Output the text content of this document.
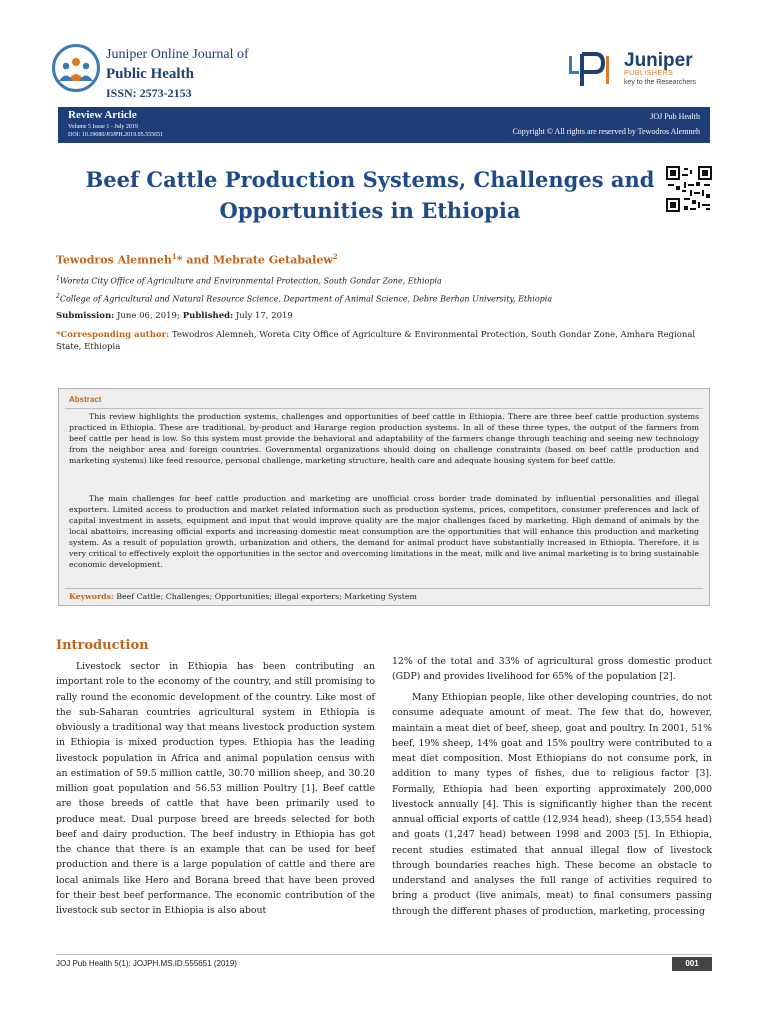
Juniper Online Journal of
Public Health
ISSN: 2573-2153
Juniper
PUBLISHERS
key to the Researchers
Review Article
Volume 5 Issue 1 - July 2019
DOI: 10.19080/JOJPH.2019.05.555651
JOJ Pub Health
Copyright © All rights are reserved by Tewodros Alemneh
Beef Cattle Production Systems, Challenges and Opportunities in Ethiopia
Tewodros Alemneh$^1$* and Mebrate Getabalew$^2$
$^1$Woreta City Office of Agriculture and Environmental Protection, South Gondar Zone, Ethiopia
$^2$College of Agricultural and Natural Resource Science, Department of Animal Science, Debre Berhan University, Ethiopia
Submission: June 06, 2019; Published: July 17, 2019
*Corresponding author: Tewodros Alemneh, Woreta City Office of Agriculture & Environmental Protection, South Gondar Zone, Amhara Regional State, Ethiopia
Abstract

This review highlights the production systems, challenges and opportunities of beef cattle in Ethiopia. There are three beef cattle production systems practiced in Ethiopia. These are traditional, by-product and Hararge region production systems. In all of these three types, the output of the farmers from beef cattle per head is low. So this system must provide the behavioral and adaptability of the farmers change through teaching and seeing new technology from the neighbor area and foreign countries. Governmental organizations should doing on challenge constraints (based on beef cattle production and marketing systems) like feed resource, personal challenge, marketing structure, health care and adequate housing system for beef cattle.

The main challenges for beef cattle production and marketing are unofficial cross border trade dominated by influential personalities and illegal exporters. Limited access to production and market related information such as production systems, prices, competitors, consumer preferences and lack of capital investment in assets, equipment and input that would improve quality are the major challenges faced by marketing. High demand of animals by the local abattoirs, increasing official exports and increasing domestic meat consumption are the opportunities that will enhance this production and marketing system. As a result of population growth, urbanization and others, the demand for animal product have substantially increased in Ethiopia. Therefore, it is very critical to effectively exploit the opportunities in the sector and overcoming limitations in the meat, milk and live animal marketing is to bring sustainable economic development.

Keywords: Beef Cattle; Challenges; Opportunities; illegal exporters; Marketing System
Introduction

Livestock sector in Ethiopia has been contributing an important role to the economy of the country, and still promising to rally round the economic development of the country. Like most of the sub-Saharan countries agricultural system in Ethiopia is obviously a traditional way that means livestock production system in Ethiopia is mixed production types. Ethiopia has the leading livestock population in Africa and animal population census with an estimation of 59.5 million cattle, 30.70 million sheep, and 30.20 million goat population and 56.53 million Poultry [1]. Beef cattle are those breeds of cattle that have been primarily used to produce meat. Dual purpose breed are breeds selected for both beef and dairy production. The beef industry in Ethiopia has got the chance that there is an example that can be used for beef production and there is a large population of cattle and there are local animals like Hero and Borana breed that have been proved for their best beef performance. The economic contribution of the livestock sub sector in Ethiopia is also about

12% of the total and 33% of agricultural gross domestic product (GDP) and provides livelihood for 65% of the population [2].

Many Ethiopian people, like other developing countries, do not consume adequate amount of meat. The few that do, however, maintain a meat diet of beef, sheep, goat and poultry. In 2001, 51% beef, 19% sheep, 14% goat and 15% poultry were contributed to a meat diet composition. Most Ethiopians do not consume pork, in addition to many types of fishes, due to religious factor [3]. Formally, Ethiopia had been exporting approximately 200,000 livestock annually [4]. This is significantly higher than the recent annual official exports of cattle (12,934 head), sheep (13,554 head) and goats (1,247 head) between 1998 and 2003 [5]. In Ethiopia, recent studies estimated that annual illegal flow of livestock through boundaries reaches high. These become an obstacle to understand and analyses the full range of activities required to bring a product (live animals, meat) to final consumers passing through the different phases of production, marketing, processing

JOJ Pub Health 5(1): JOJPH.MS.ID.555651 (2019)	001
